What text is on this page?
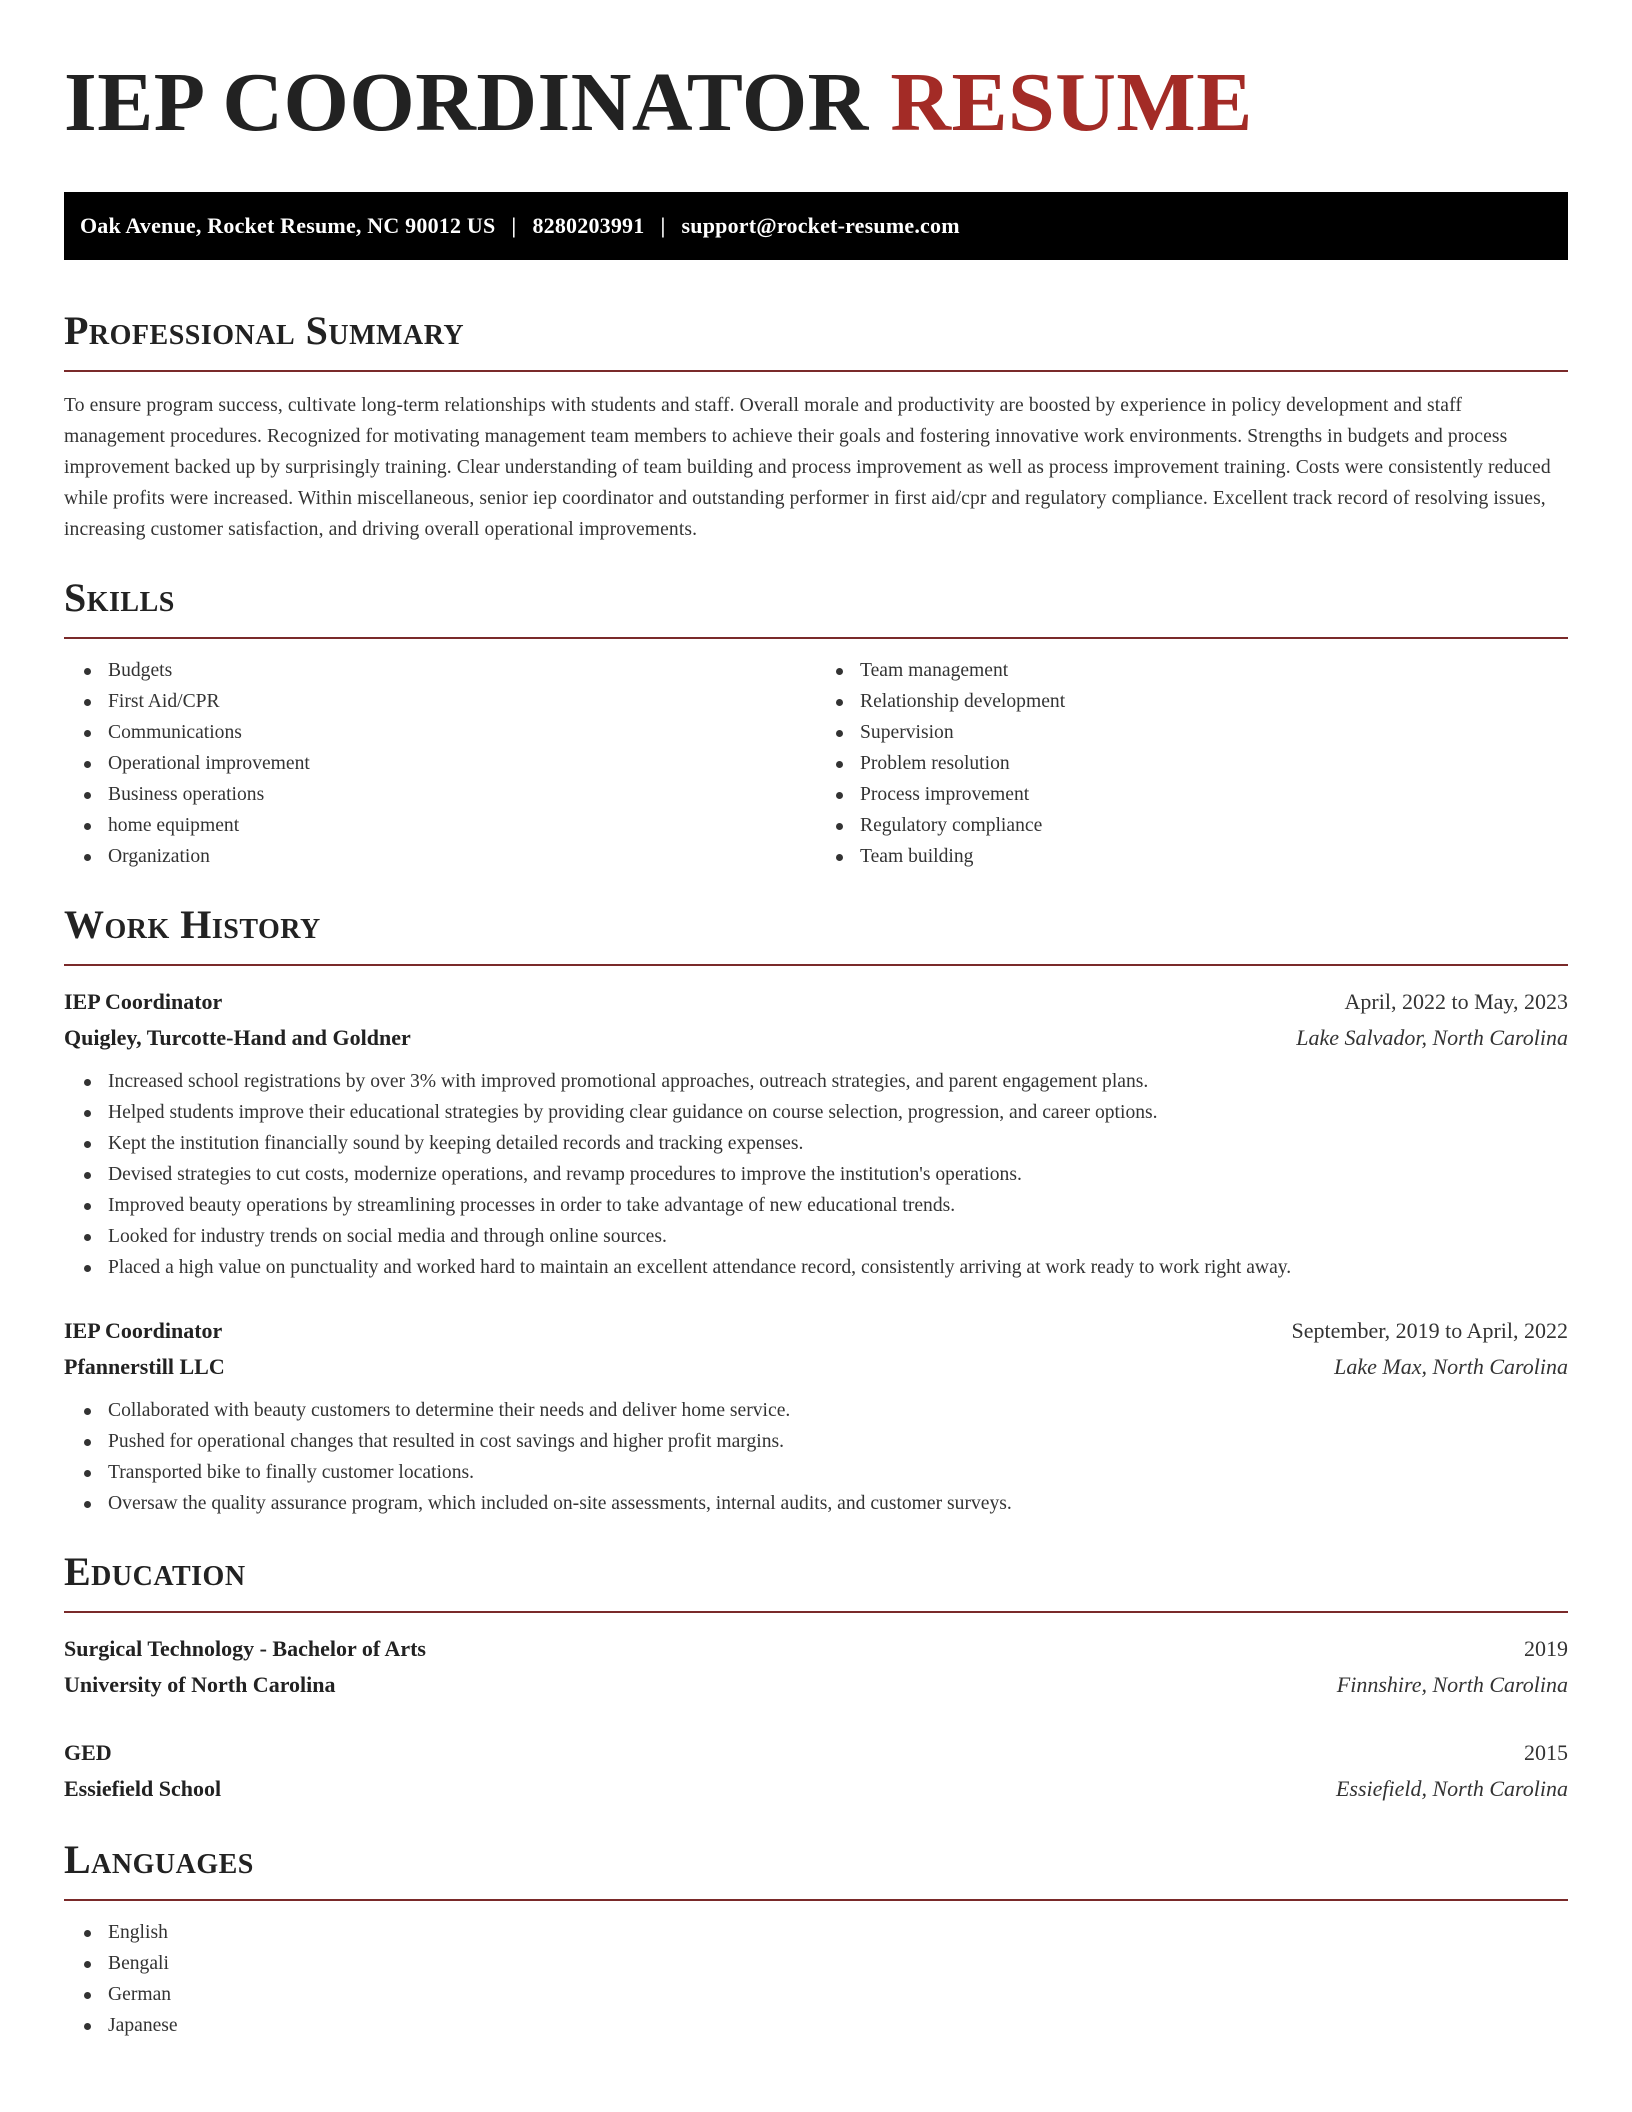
IEP COORDINATOR RESUME
Oak Avenue, Rocket Resume, NC 90012 US | 8280203991 | support@rocket-resume.com
Professional Summary

To ensure program success, cultivate long-term relationships with students and staff. Overall morale and productivity are boosted by experience in policy development and staff management procedures. Recognized for motivating management team members to achieve their goals and fostering innovative work environments. Strengths in budgets and process improvement backed up by surprisingly training. Clear understanding of team building and process improvement as well as process improvement training. Costs were consistently reduced while profits were increased. Within miscellaneous, senior iep coordinator and outstanding performer in first aid/cpr and regulatory compliance. Excellent track record of resolving issues, increasing customer satisfaction, and driving overall operational improvements.

Skills
Budgets
First Aid/CPR
Communications
Operational improvement
Business operations
home equipment
Organization
Team management
Relationship development
Supervision
Problem resolution
Process improvement
Regulatory compliance
Team building
Work History
IEP Coordinator	April, 2022 to May, 2023
Quigley, Turcotte-Hand and Goldner	Lake Salvador, North Carolina
Increased school registrations by over 3% with improved promotional approaches, outreach strategies, and parent engagement plans.
Helped students improve their educational strategies by providing clear guidance on course selection, progression, and career options.
Kept the institution financially sound by keeping detailed records and tracking expenses.
Devised strategies to cut costs, modernize operations, and revamp procedures to improve the institution's operations.
Improved beauty operations by streamlining processes in order to take advantage of new educational trends.
Looked for industry trends on social media and through online sources.
Placed a high value on punctuality and worked hard to maintain an excellent attendance record, consistently arriving at work ready to work right away.
IEP Coordinator	September, 2019 to April, 2022
Pfannerstill LLC	Lake Max, North Carolina
Collaborated with beauty customers to determine their needs and deliver home service.
Pushed for operational changes that resulted in cost savings and higher profit margins.
Transported bike to finally customer locations.
Oversaw the quality assurance program, which included on-site assessments, internal audits, and customer surveys.
Education
Surgical Technology - Bachelor of Arts	2019
University of North Carolina	Finnshire, North Carolina
GED	2015
Essiefield School	Essiefield, North Carolina
Languages
English
Bengali
German
Japanese
